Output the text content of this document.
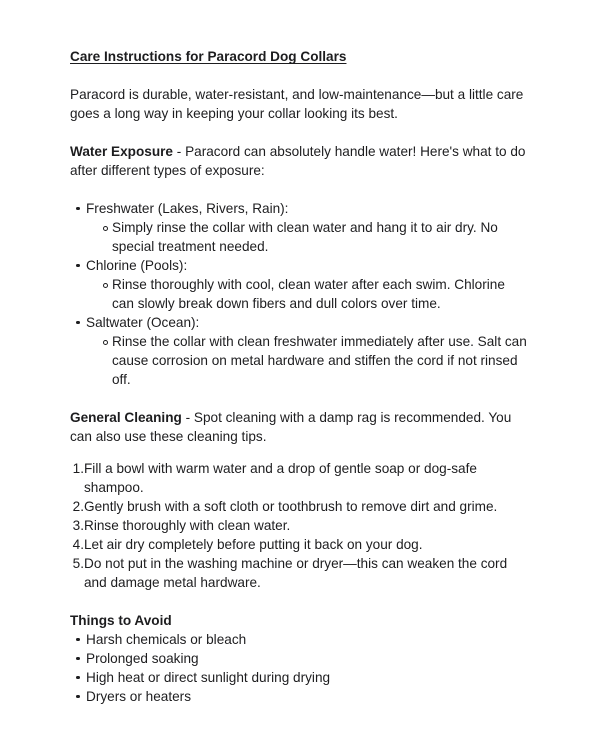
Care Instructions for Paracord Dog Collars

Paracord is durable, water-resistant, and low-maintenance—but a little care goes a long way in keeping your collar looking its best.

Water Exposure - Paracord can absolutely handle water! Here's what to do after different types of exposure:

Freshwater (Lakes, Rivers, Rain):
Simply rinse the collar with clean water and hang it to air dry. No special treatment needed.
Chlorine (Pools):
Rinse thoroughly with cool, clean water after each swim. Chlorine can slowly break down fibers and dull colors over time.
Saltwater (Ocean):
Rinse the collar with clean freshwater immediately after use. Salt can cause corrosion on metal hardware and stiffen the cord if not rinsed off.

General Cleaning - Spot cleaning with a damp rag is recommended. You can also use these cleaning tips.

1. Fill a bowl with warm water and a drop of gentle soap or dog-safe shampoo.
2. Gently brush with a soft cloth or toothbrush to remove dirt and grime.
3. Rinse thoroughly with clean water.
4. Let air dry completely before putting it back on your dog.
5. Do not put in the washing machine or dryer—this can weaken the cord and damage metal hardware.

Things to Avoid

Harsh chemicals or bleach
Prolonged soaking
High heat or direct sunlight during drying
Dryers or heaters
